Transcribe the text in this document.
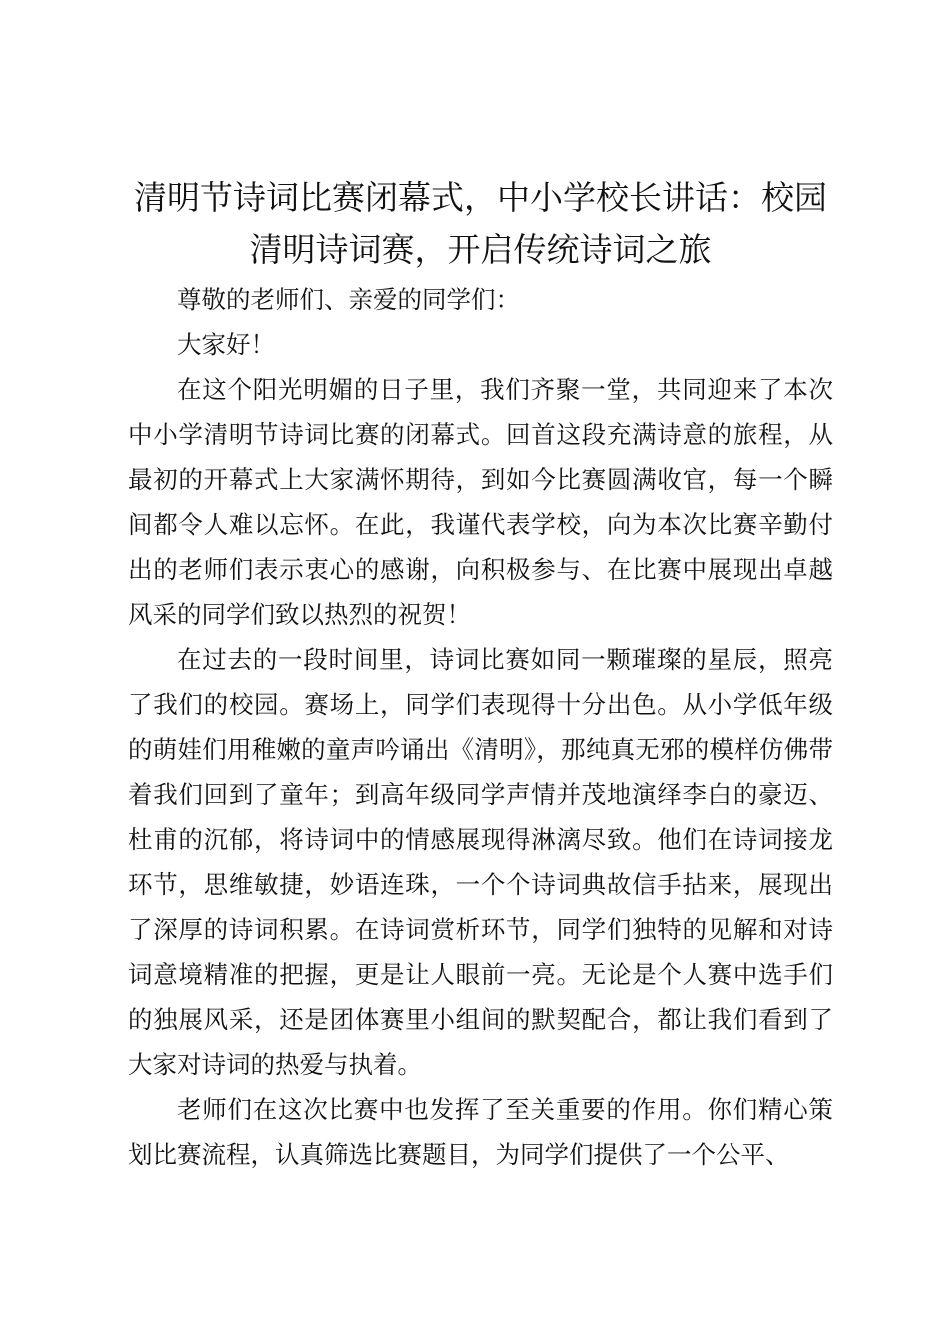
清明节诗词比赛闭幕式，中小学校长讲话：校园清明诗词赛，开启传统诗词之旅

尊敬的老师们、亲爱的同学们：

大家好！

在这个阳光明媚的日子里，我们齐聚一堂，共同迎来了本次中小学清明节诗词比赛的闭幕式。回首这段充满诗意的旅程，从最初的开幕式上大家满怀期待，到如今比赛圆满收官，每一个瞬间都令人难以忘怀。在此，我谨代表学校，向为本次比赛辛勤付出的老师们表示衷心的感谢，向积极参与、在比赛中展现出卓越风采的同学们致以热烈的祝贺！

在过去的一段时间里，诗词比赛如同一颗璀璨的星辰，照亮了我们的校园。赛场上，同学们表现得十分出色。从小学低年级的萌娃们用稚嫩的童声吟诵出《清明》，那纯真无邪的模样仿佛带着我们回到了童年；到高年级同学声情并茂地演绎李白的豪迈、杜甫的沉郁，将诗词中的情感展现得淋漓尽致。他们在诗词接龙环节，思维敏捷，妙语连珠，一个个诗词典故信手拈来，展现出了深厚的诗词积累。在诗词赏析环节，同学们独特的见解和对诗词意境精准的把握，更是让人眼前一亮。无论是个人赛中选手们的独展风采，还是团体赛里小组间的默契配合，都让我们看到了大家对诗词的热爱与执着。

老师们在这次比赛中也发挥了至关重要的作用。你们精心策划比赛流程，认真筛选比赛题目，为同学们提供了一个公平、
